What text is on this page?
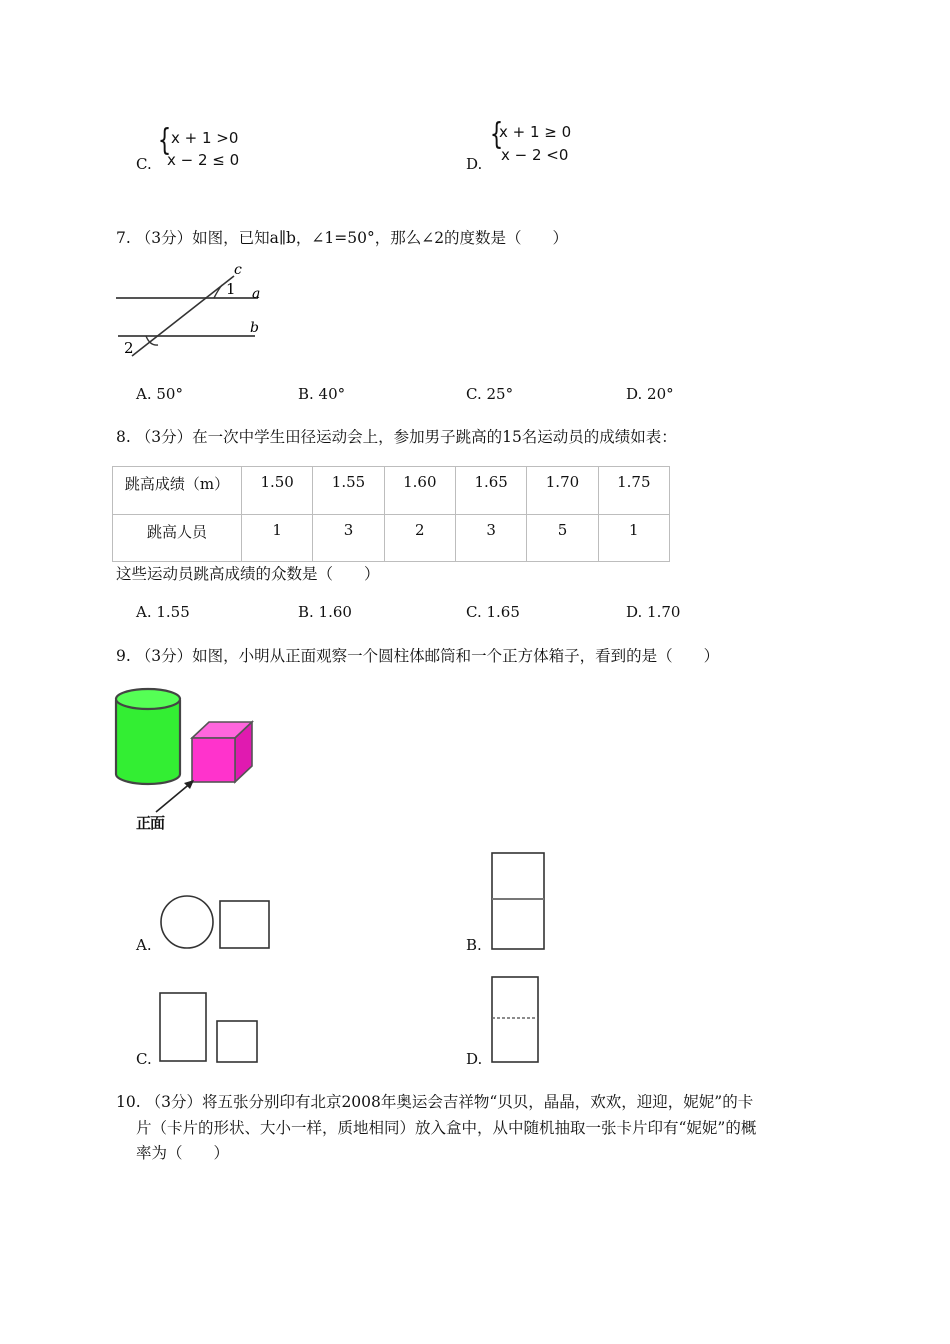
C.
{ x + 1 >0
x − 2 ≤ 0	D.
{
x + 1 ≥ 0
x − 2 <0
7. （3分）如图，已知a∥b，∠1=50°，那么∠2的度数是（　　）
c
1 a
b
2
A. 50°	B. 40°	C. 25°	D. 20°
8. （3分）在一次中学生田径运动会上，参加男子跳高的15名运动员的成绩如表：
跳高成绩（m）	1.50	1.55	1.60	1.65	1.70	1.75
跳高人员	1	3	2	3	5	1
这些运动员跳高成绩的众数是（　　）
A. 1.55	B. 1.60	C. 1.65	D. 1.70
9. （3分）如图，小明从正面观察一个圆柱体邮筒和一个正方体箱子，看到的是（　　）
正面
A.	B.
C.	D.
10. （3分）将五张分别印有北京2008年奥运会吉祥物“贝贝，晶晶，欢欢，迎迎，妮妮”的卡
片（卡片的形状、大小一样，质地相同）放入盒中，从中随机抽取一张卡片印有“妮妮”的概
率为（　　）
